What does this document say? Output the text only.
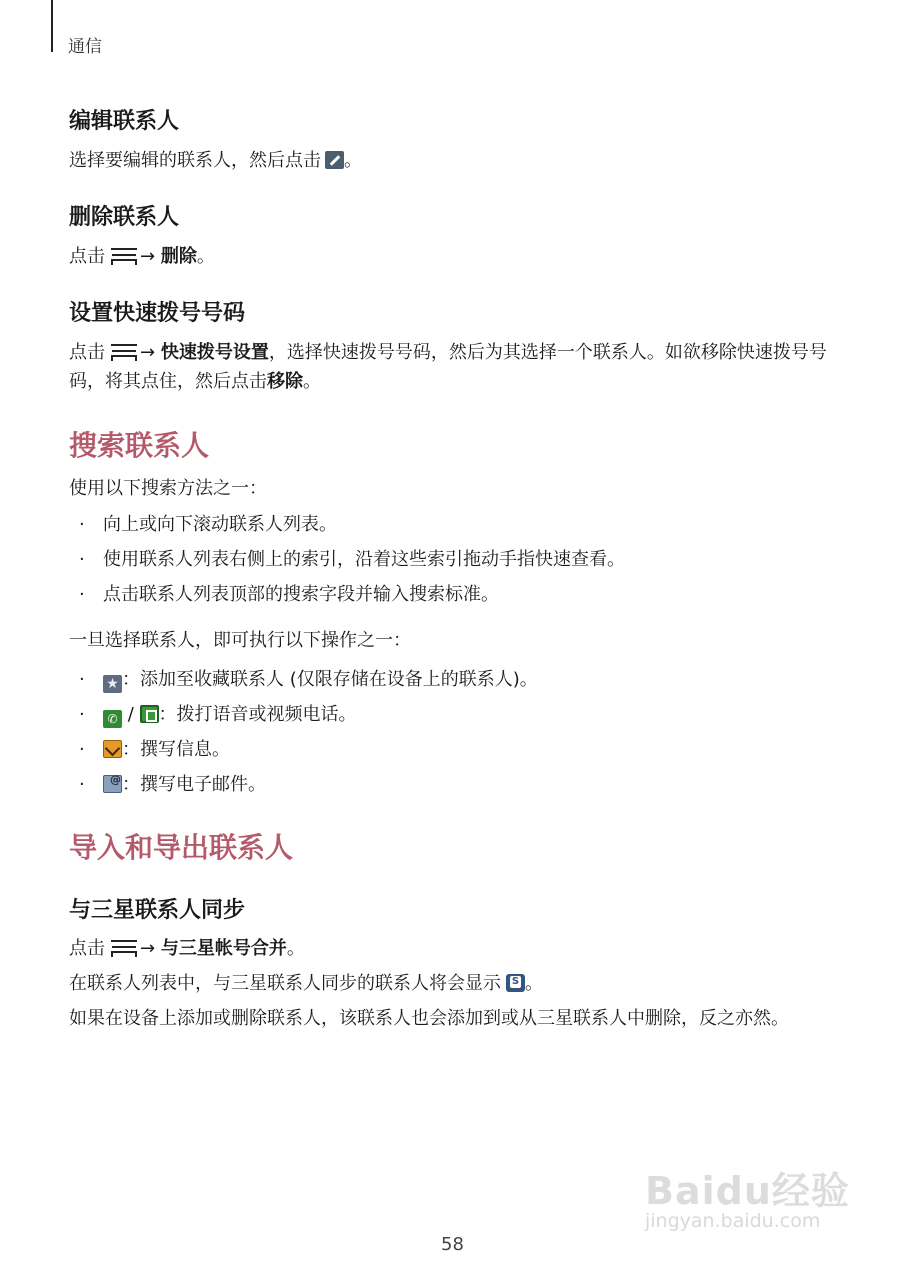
通信
编辑联系人
选择要编辑的联系人，然后点击 。
删除联系人
点击 → 删除。
设置快速拨号号码
点击 → 快速拨号设置，选择快速拨号号码，然后为其选择一个联系人。如欲移除快速拨号号码，将其点住，然后点击移除。
搜索联系人
使用以下搜索方法之一：
· 向上或向下滚动联系人列表。
· 使用联系人列表右侧上的索引，沿着这些索引拖动手指快速查看。
· 点击联系人列表顶部的搜索字段并输入搜索标准。
一旦选择联系人，即可执行以下操作之一：
· ★ ：添加至收藏联系人 (仅限存储在设备上的联系人)。
· ✆ / ：拨打语音或视频电话。
· ：撰写信息。
· @ ：撰写电子邮件。
导入和导出联系人
与三星联系人同步
点击 → 与三星帐号合并。
在联系人列表中，与三星联系人同步的联系人将会显示 S 。
如果在设备上添加或删除联系人，该联系人也会添加到或从三星联系人中删除，反之亦然。
Baidu经验
jingyan.baidu.com
58
